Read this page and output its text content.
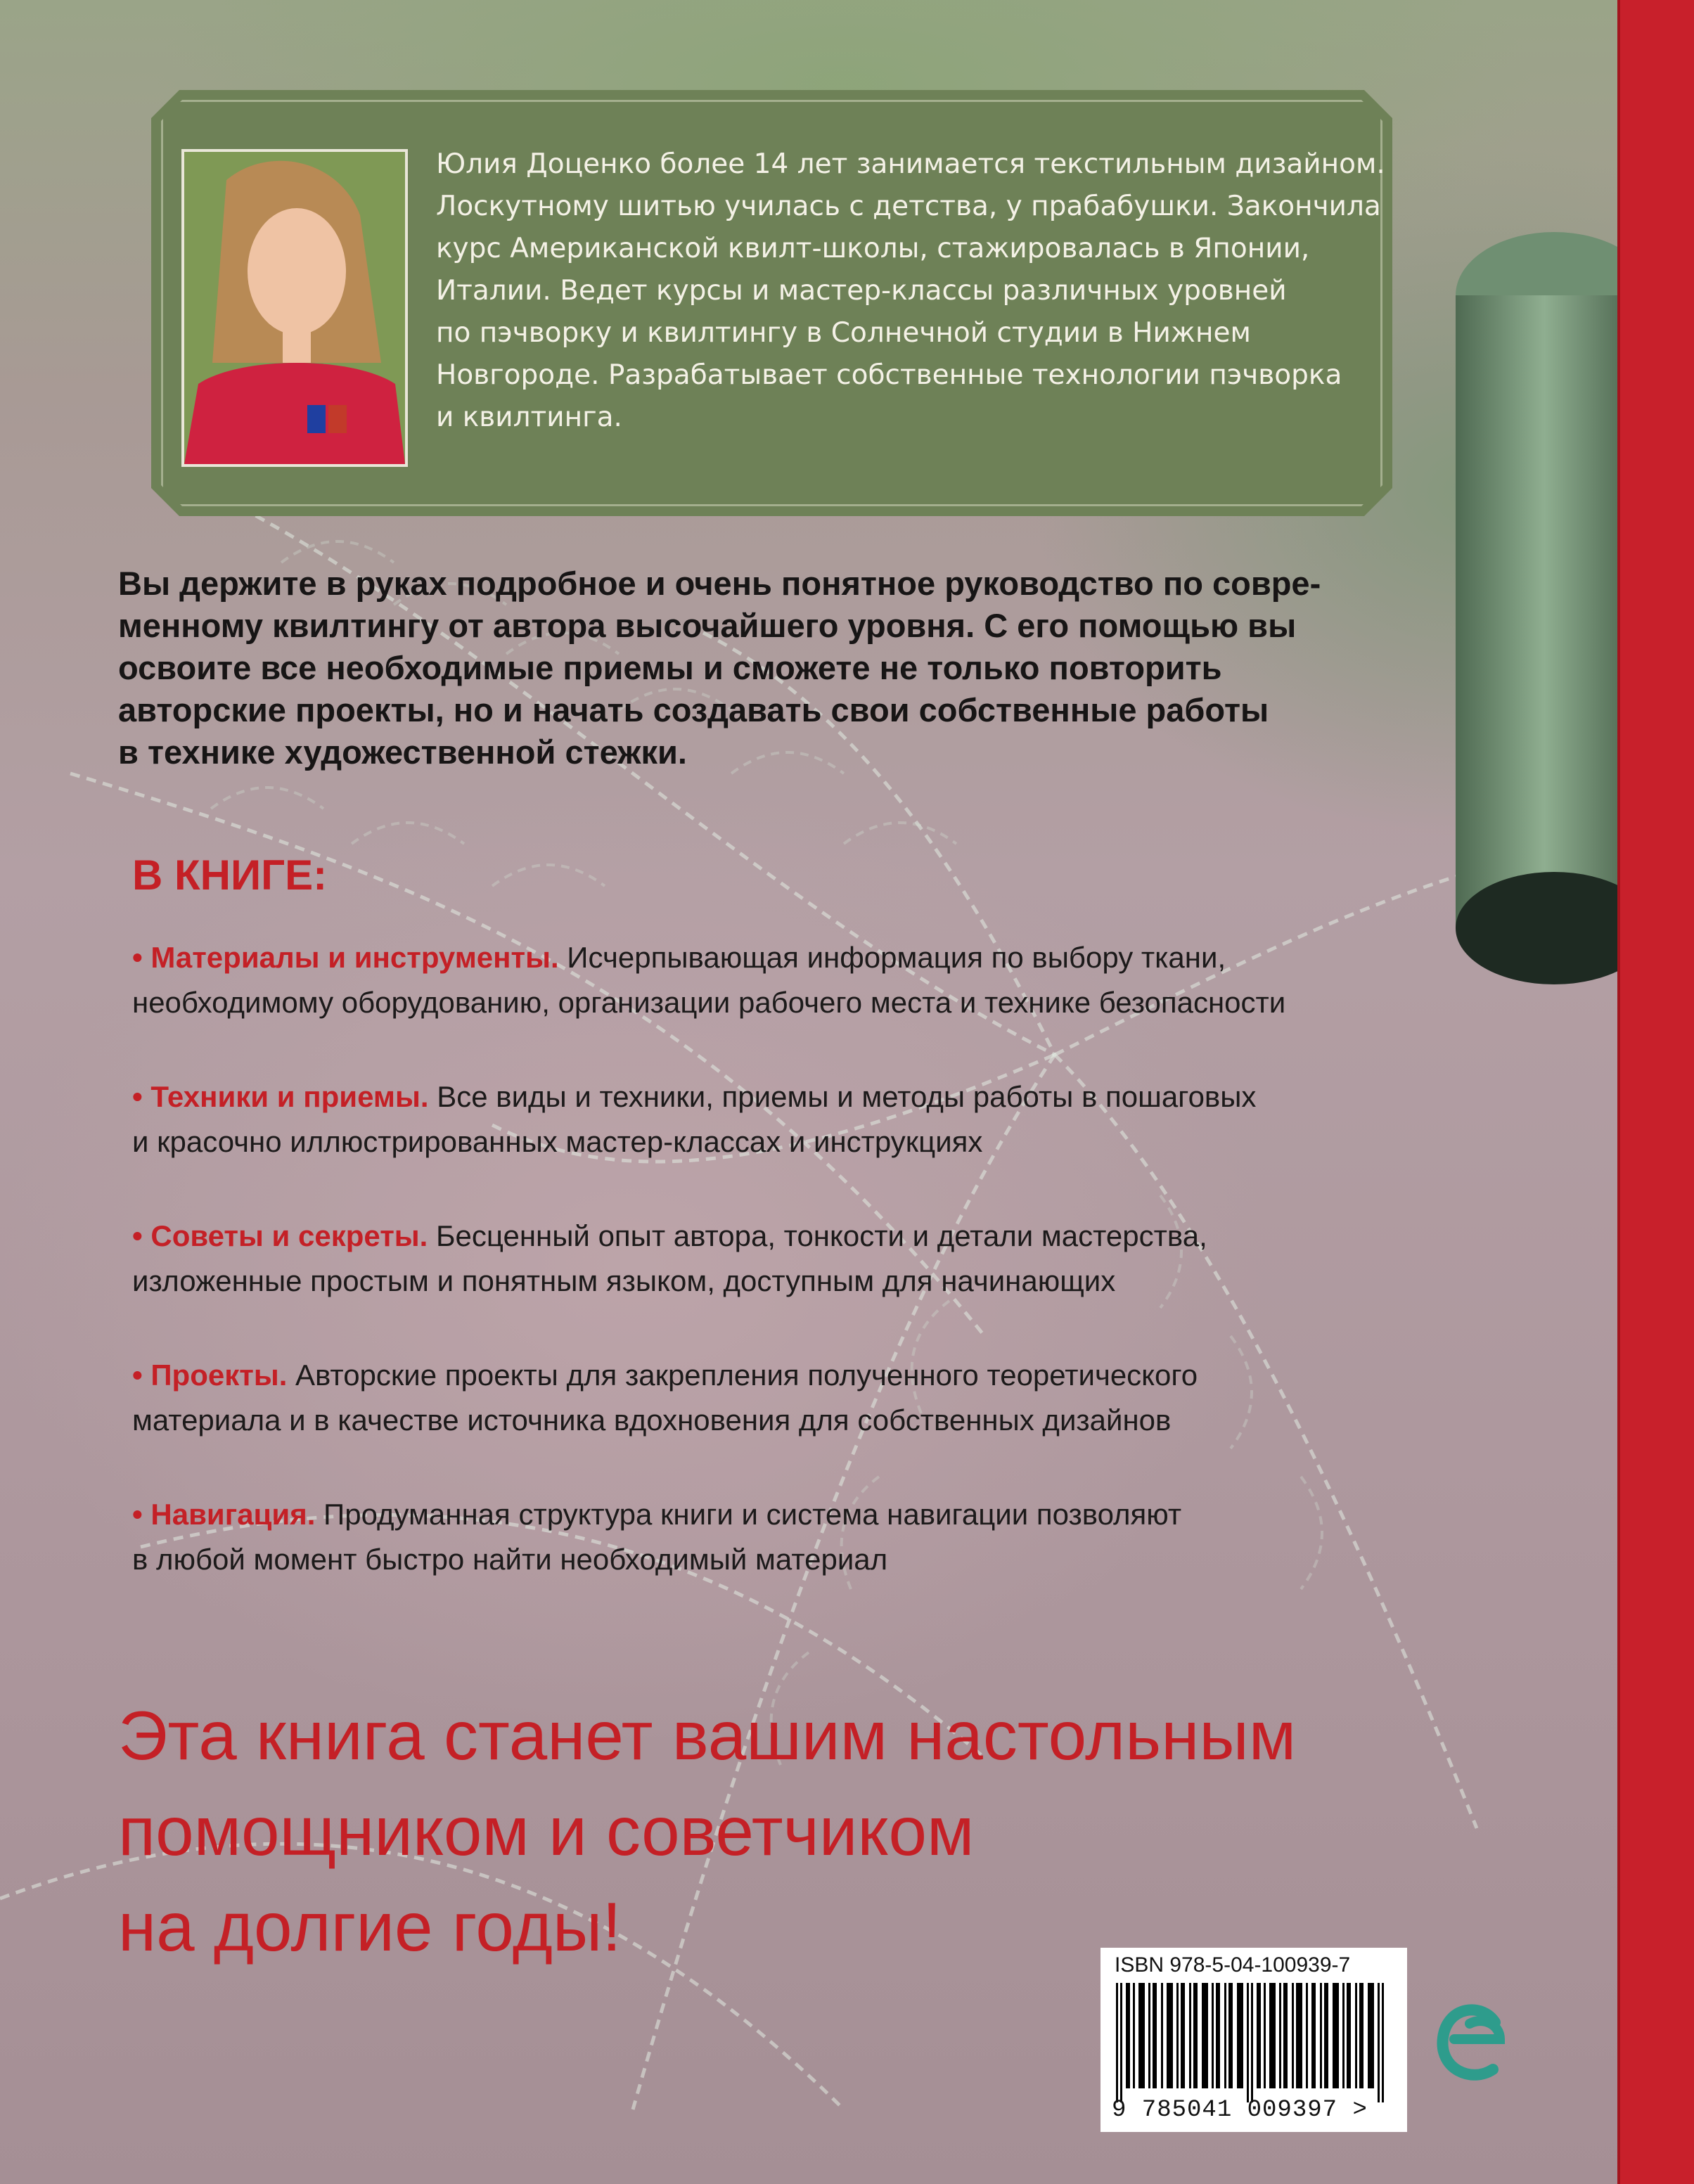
Юлия Доценко более 14 лет занимается текстильным дизайном.
Лоскутному шитью училась с детства, у прабабушки. Закончила
курс Американской квилт-школы, стажировалась в Японии,
Италии. Ведет курсы и мастер-классы различных уровней
по пэчворку и квилтингу в Солнечной студии в Нижнем
Новгороде. Разрабатывает собственные технологии пэчворка
и квилтинга.
Вы держите в руках подробное и очень понятное руководство по совре-
менному квилтингу от автора высочайшего уровня. С его помощью вы
освоите все необходимые приемы и сможете не только повторить
авторские проекты, но и начать создавать свои собственные работы
в технике художественной стежки.
В КНИГЕ:
• Материалы и инструменты. Исчерпывающая информация по выбору ткани,
необходимому оборудованию, организации рабочего места и технике безопасности
• Техники и приемы. Все виды и техники, приемы и методы работы в пошаговых
и красочно иллюстрированных мастер-классах и инструкциях
• Советы и секреты. Бесценный опыт автора, тонкости и детали мастерства,
изложенные простым и понятным языком, доступным для начинающих
• Проекты. Авторские проекты для закрепления полученного теоретического
материала и в качестве источника вдохновения для собственных дизайнов
• Навигация. Продуманная структура книги и система навигации позволяют
в любой момент быстро найти необходимый материал
Эта книга станет вашим настольным
помощником и советчиком
на долгие годы!	ISBN 978-5-04-100939-7
9 785041 009397 >
